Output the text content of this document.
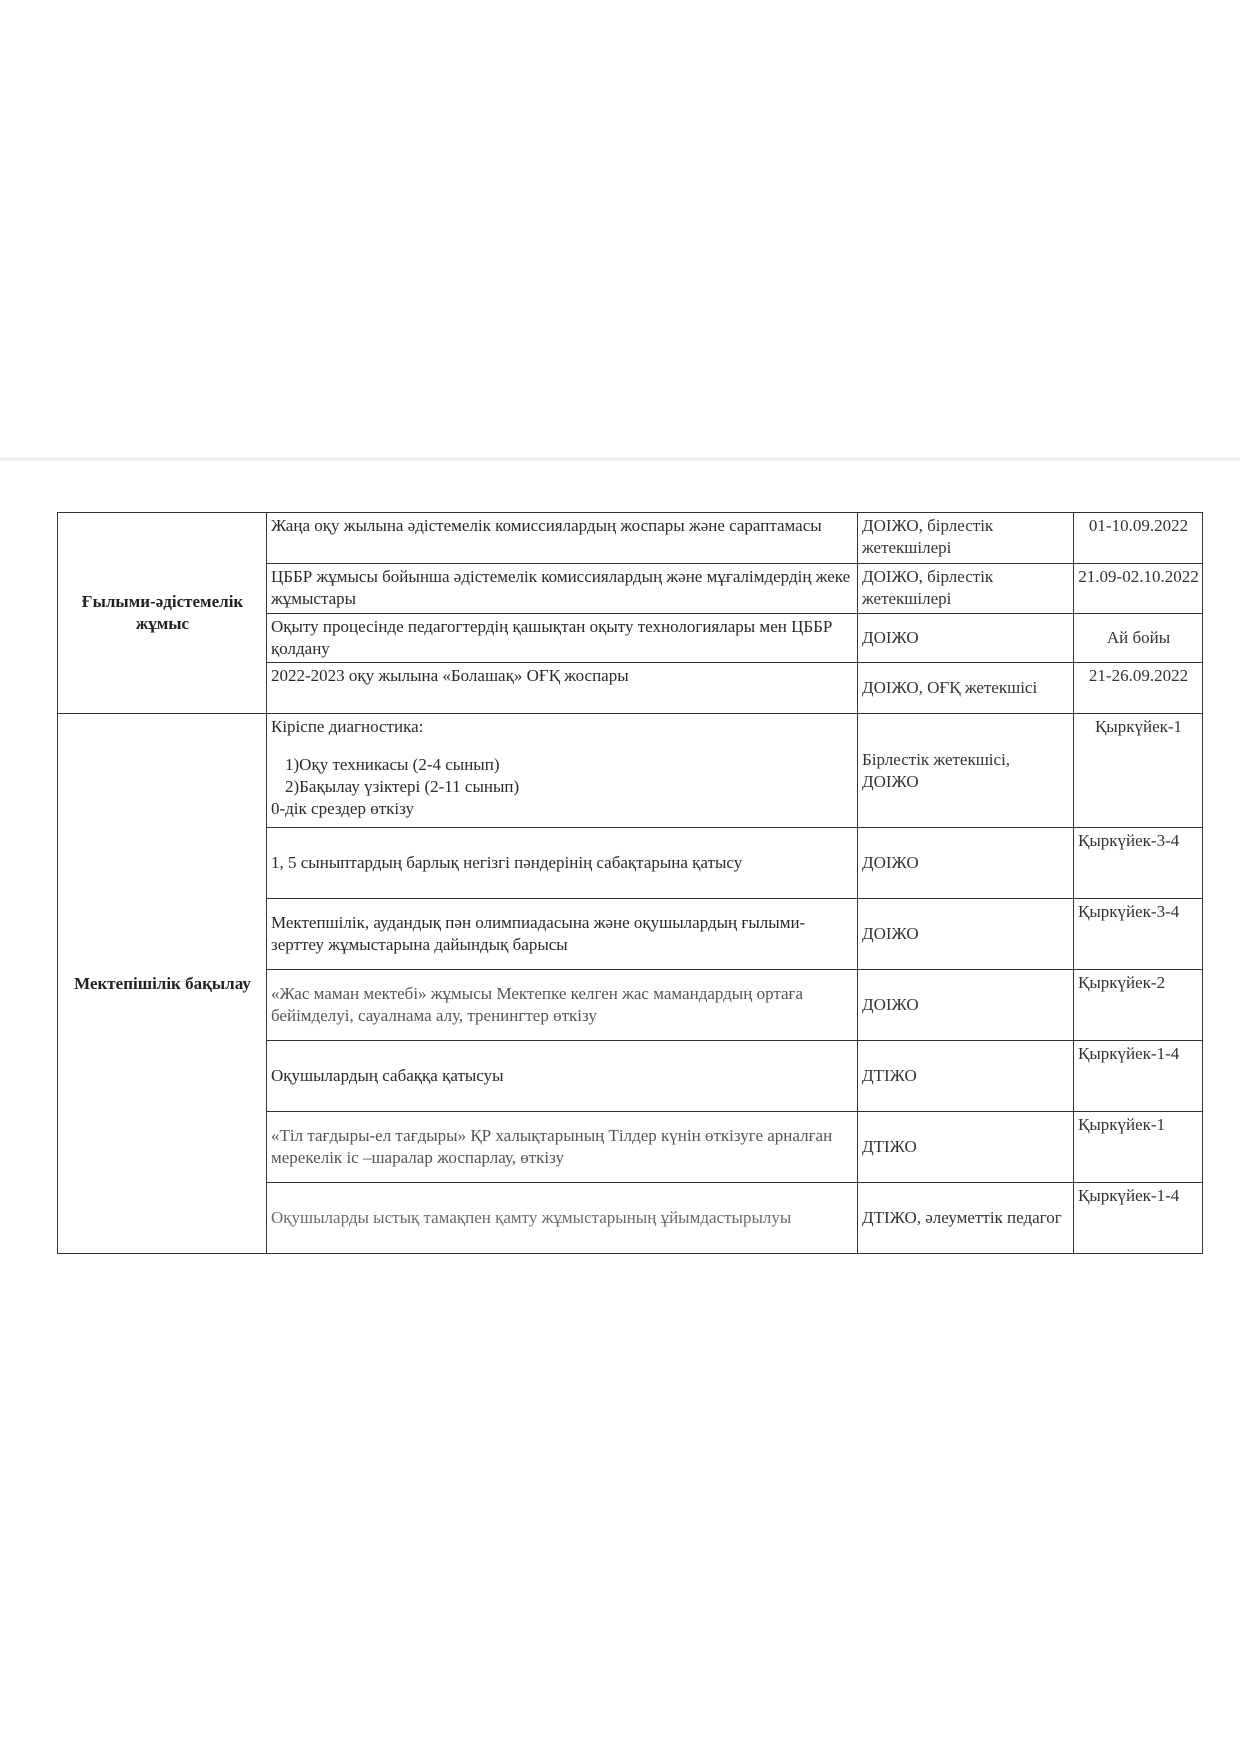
Ғылыми-әдістемелік жұмыс	Жаңа оқу жылына әдістемелік комиссиялардың жоспары және сараптамасы	ДОІЖО, бірлестік жетекшілері	01-10.09.2022
	ЦББР жұмысы бойынша әдістемелік комиссиялардың және мұғалімдердің жеке жұмыстары	ДОІЖО, бірлестік жетекшілері	21.09-02.10.2022
	Оқыту процесінде педагогтердің қашықтан оқыту технологиялары мен ЦББР қолдану	ДОІЖО	Ай бойы
	2022-2023 оқу жылына «Болашақ» ОҒҚ жоспары	ДОІЖО, ОҒҚ жетекшісі	21-26.09.2022
Мектепішілік бақылау	Кіріспе диагностика:
1)Оқу техникасы (2-4 сынып)
2)Бақылау үзіктері (2-11 сынып)
0-дік срездер өткізу	Бірлестік жетекшісі, ДОІЖО	Қыркүйек-1
	1, 5 сыныптардың барлық негізгі пәндерінің сабақтарына қатысу	ДОІЖО	Қыркүйек-3-4
	Мектепшілік, аудандық пән олимпиадасына және оқушылардың ғылыми-зерттеу жұмыстарына дайындық барысы	ДОІЖО	Қыркүйек-3-4
	«Жас маман мектебі» жұмысы Мектепке келген жас мамандардың ортаға бейімделуі, сауалнама алу, тренингтер өткізу	ДОІЖО	Қыркүйек-2
	Оқушылардың сабаққа қатысуы	ДТІЖО	Қыркүйек-1-4
	«Тіл тағдыры-ел тағдыры» ҚР халықтарының Тілдер күнін өткізуге арналған мерекелік іс –шаралар жоспарлау, өткізу	ДТІЖО	Қыркүйек-1
	Оқушыларды ыстық тамақпен қамту жұмыстарының ұйымдастырылуы	ДТІЖО, әлеуметтік педагог	Қыркүйек-1-4
